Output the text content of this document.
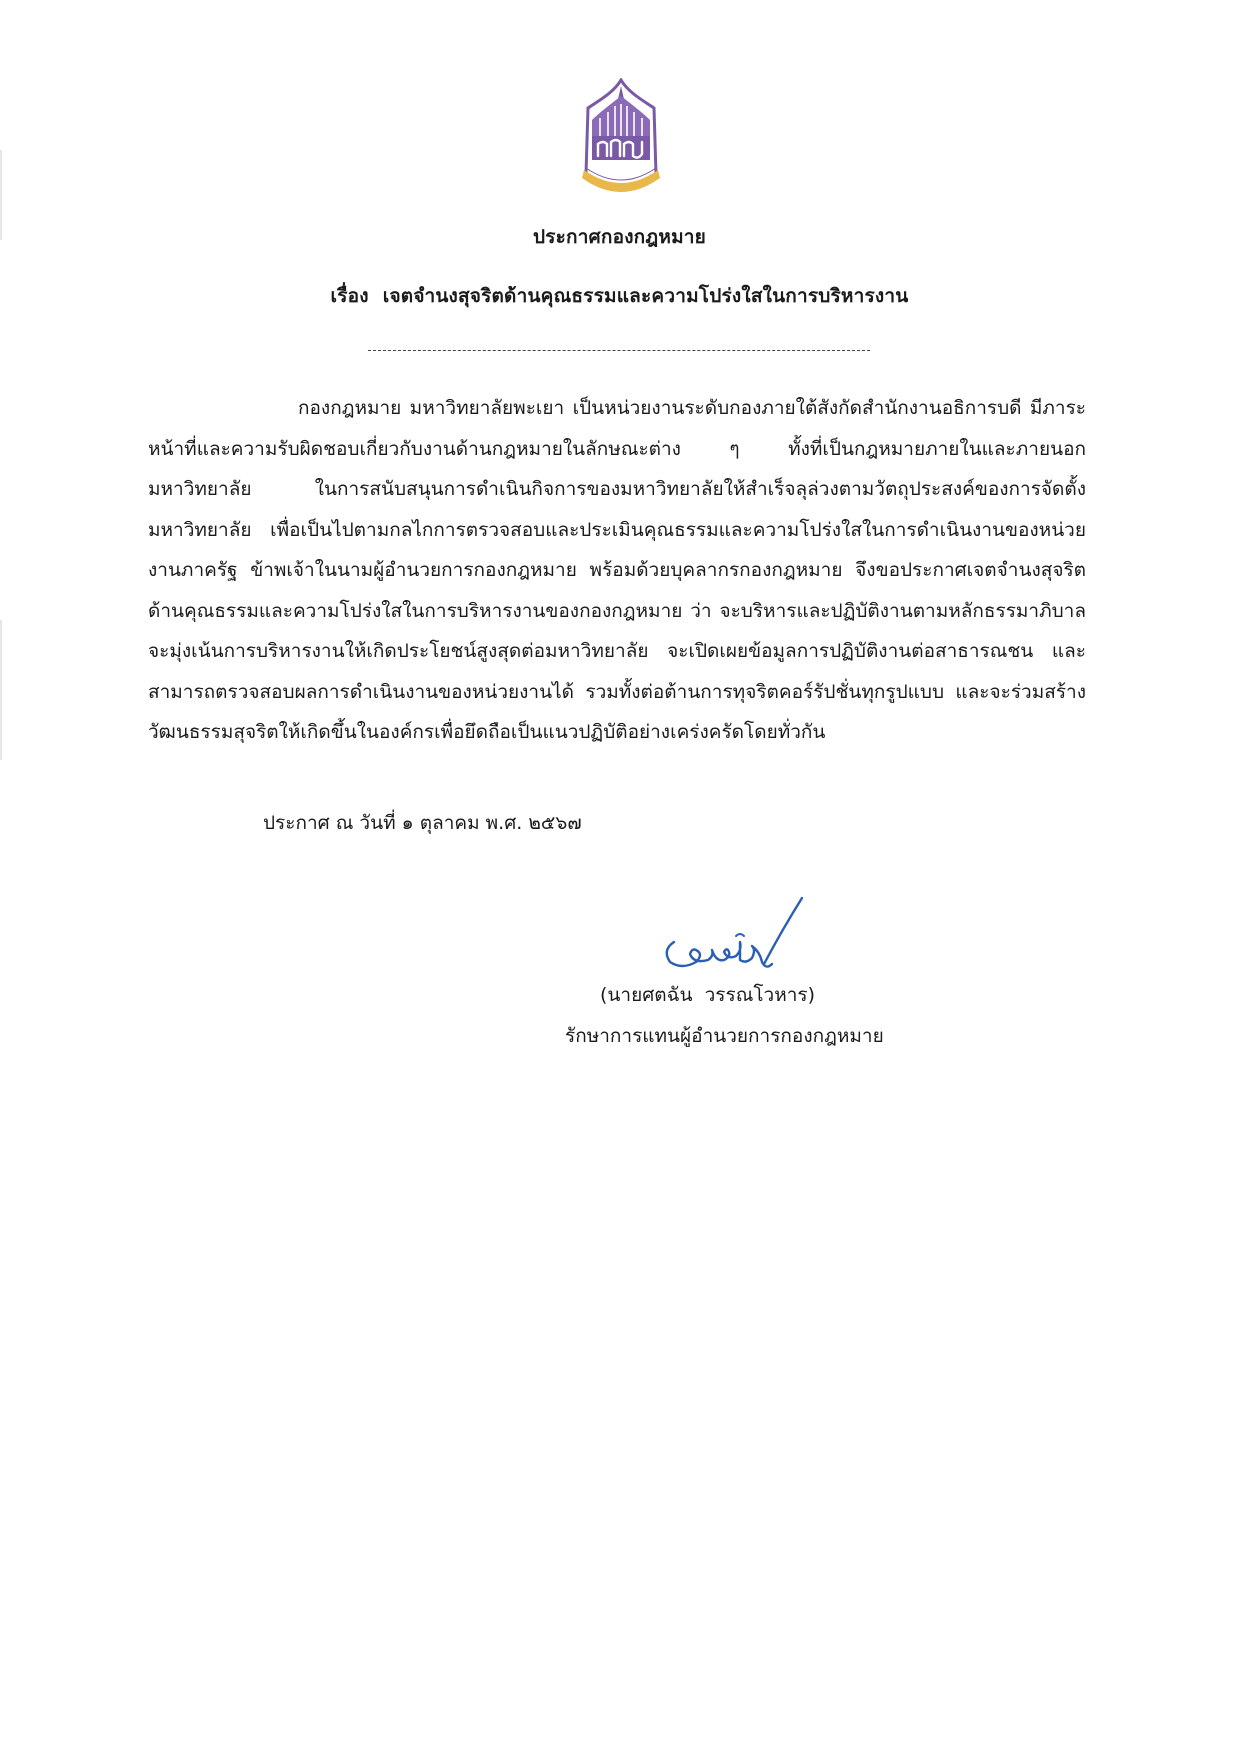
ประกาศกองกฎหมาย
เรื่อง เจตจำนงสุจริตด้านคุณธรรมและความโปร่งใสในการบริหารงาน

กองกฎหมาย มหาวิทยาลัยพะเยา เป็นหน่วยงานระดับกองภายใต้สังกัดสำนักงานอธิการบดี มีภาระหน้าที่และความรับผิดชอบเกี่ยวกับงานด้านกฎหมายในลักษณะต่าง ๆ ทั้งที่เป็นกฎหมายภายในและภายนอกมหาวิทยาลัย ในการสนับสนุนการดำเนินกิจการของมหาวิทยาลัยให้สำเร็จลุล่วงตามวัตถุประสงค์ของการจัดตั้งมหาวิทยาลัย เพื่อเป็นไปตามกลไกการตรวจสอบและประเมินคุณธรรมและความโปร่งใสในการดำเนินงานของหน่วยงานภาครัฐ ข้าพเจ้าในนามผู้อำนวยการกองกฎหมาย พร้อมด้วยบุคลากรกองกฎหมาย จึงขอประกาศเจตจำนงสุจริตด้านคุณธรรมและความโปร่งใสในการบริหารงานของกองกฎหมาย ว่า จะบริหารและปฏิบัติงานตามหลักธรรมาภิบาล จะมุ่งเน้นการบริหารงานให้เกิดประโยชน์สูงสุดต่อมหาวิทยาลัย จะเปิดเผยข้อมูลการปฏิบัติงานต่อสาธารณชน และสามารถตรวจสอบผลการดำเนินงานของหน่วยงานได้ รวมทั้งต่อต้านการทุจริตคอร์รัปชั่นทุกรูปแบบ และจะร่วมสร้างวัฒนธรรมสุจริตให้เกิดขึ้นในองค์กรเพื่อยึดถือเป็นแนวปฏิบัติอย่างเคร่งครัดโดยทั่วกัน

ประกาศ ณ วันที่ ๑ ตุลาคม พ.ศ. ๒๕๖๗

(นายศตฉัน  วรรณโวหาร)
รักษาการแทนผู้อำนวยการกองกฎหมาย
